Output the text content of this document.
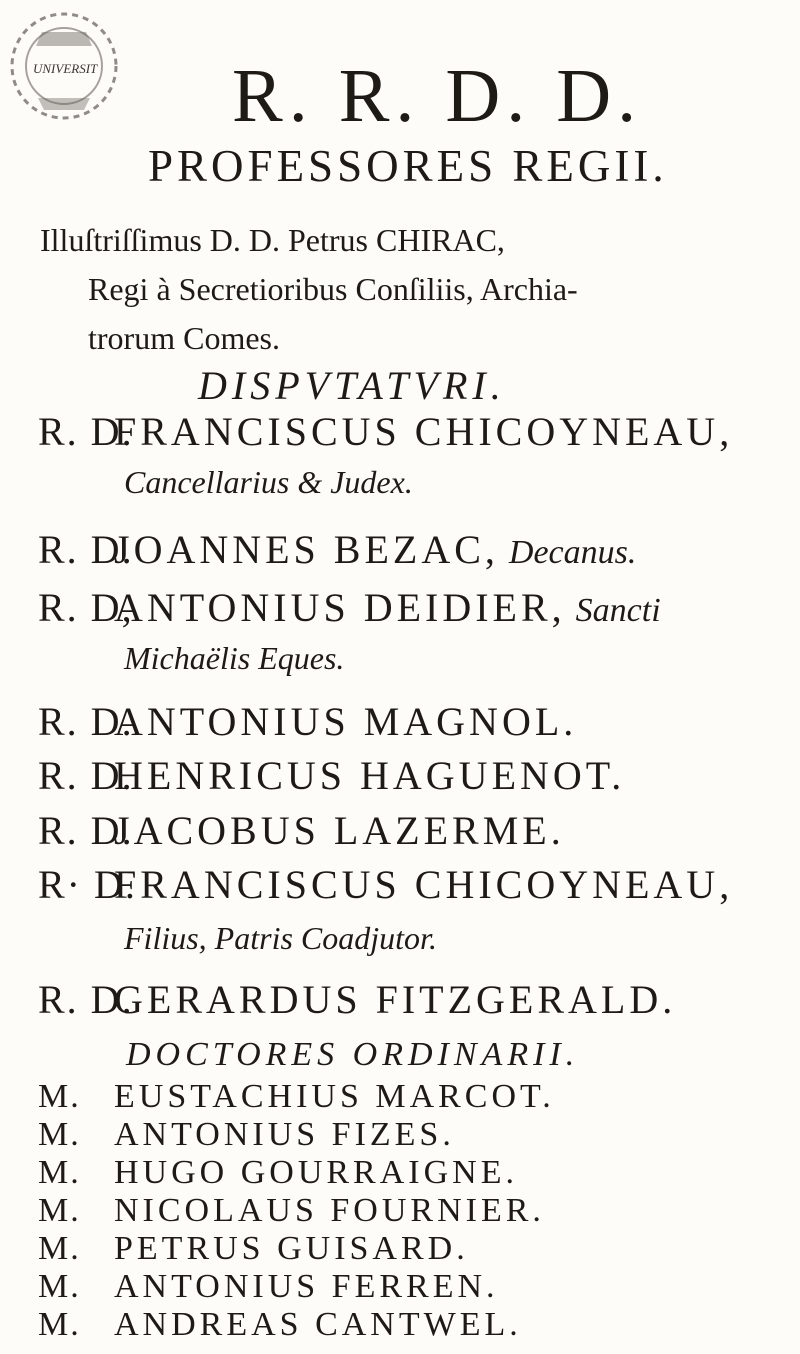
UNIVERSIT R. R. D. D.
PROFESSORES REGII.
Illuſtriſſimus D. D. Petrus CHIRAC,
Regi à Secretioribus Conſiliis, Archia-
trorum Comes.
DISPVTATVRI.
R. D.FRANCISCUS CHICOYNEAU,
Cancellarius & Judex.
R. D.JOANNES BEZAC, Decanus.
R. D,ANTONIUS DEIDIER, Sancti
Michaëlis Eques.
R. D.ANTONIUS MAGNOL.
R. D.HENRICUS HAGUENOT.
R. D.JACOBUS LAZERME.
R· D.FRANCISCUS CHICOYNEAU,
Filius, Patris Coadjutor.
R. D.GERARDUS FITZGERALD.
DOCTORES ORDINARII.
M. EUSTACHIUS MARCOT.
M. ANTONIUS FIZES.
M. HUGO GOURRAIGNE.
M. NICOLAUS FOURNIER.
M. PETRUS GUISARD.
M. ANTONIUS FERREN.
M. ANDREAS CANTWEL.
